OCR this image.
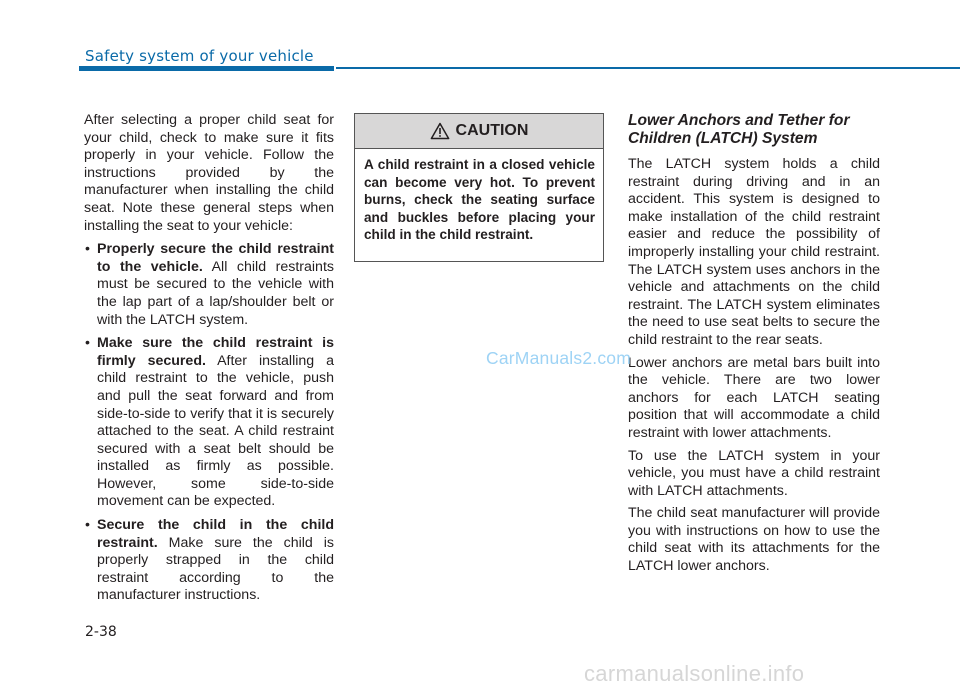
Safety system of your vehicle

After selecting a proper child seat for your child, check to make sure it fits properly in your vehicle. Follow the instructions provided by the manufacturer when installing the child seat. Note these general steps when installing the seat to your vehicle:

• Properly secure the child restraint to the vehicle. All child restraints must be secured to the vehicle with the lap part of a lap/shoulder belt or with the LATCH system.
• Make sure the child restraint is firmly secured. After installing a child restraint to the vehicle, push and pull the seat forward and from side-to-side to verify that it is securely attached to the seat. A child restraint secured with a seat belt should be installed as firmly as possible. However, some side-to-side movement can be expected.
• Secure the child in the child restraint. Make sure the child is properly strapped in the child restraint according to the manufacturer instructions.
CAUTION
A child restraint in a closed vehicle can become very hot. To prevent burns, check the seating surface and buckles before placing your child in the child restraint.
Lower Anchors and Tether for Children (LATCH) System

The LATCH system holds a child restraint during driving and in an accident. This system is designed to make installation of the child restraint easier and reduce the possibility of improperly installing your child restraint. The LATCH system uses anchors in the vehicle and attachments on the child restraint. The LATCH system eliminates the need to use seat belts to secure the child restraint to the rear seats.

Lower anchors are metal bars built into the vehicle. There are two lower anchors for each LATCH seating position that will accommodate a child restraint with lower attachments.

To use the LATCH system in your vehicle, you must have a child restraint with LATCH attachments.

The child seat manufacturer will provide you with instructions on how to use the child seat with its attachments for the LATCH lower anchors.

CarManuals2.com
carmanualsonline.info
2-38
